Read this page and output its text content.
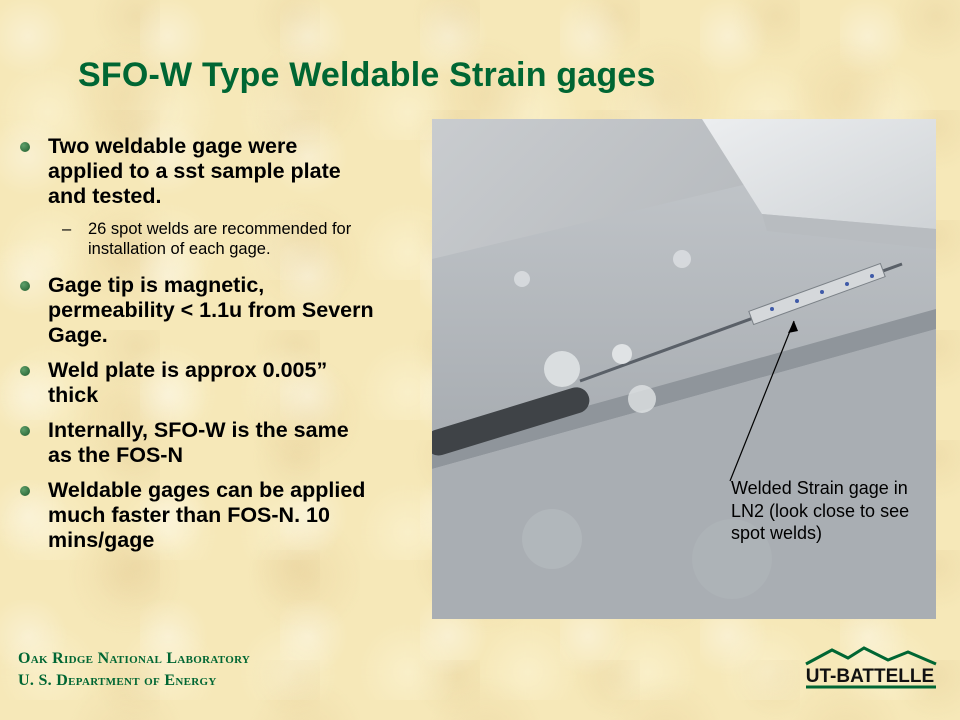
SFO-W Type Weldable Strain gages
Two weldable gage were applied to a sst sample plate and tested.
– 26 spot welds are recommended for installation of each gage.
Gage tip is magnetic, permeability < 1.1u from Severn Gage.
Weld plate is approx 0.005” thick
Internally, SFO-W is the same as the FOS-N
Weldable gages can be applied much faster than FOS-N. 10 mins/gage
Welded Strain gage in LN2 (look close to see spot welds)
Oak Ridge National Laboratory
U. S. Department of Energy	UT-BATTELLE
